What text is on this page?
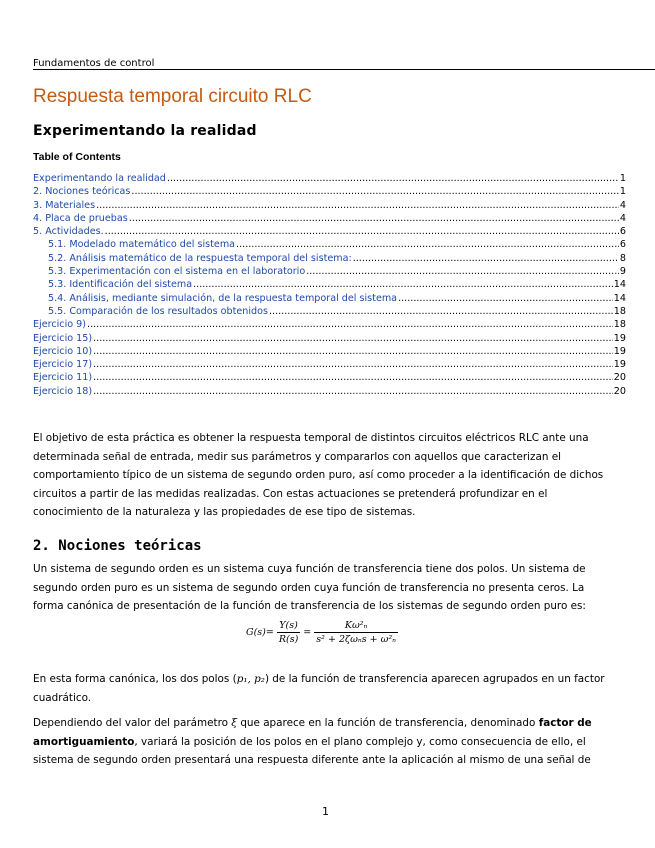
Fundamentos de control
Respuesta temporal circuito RLC
Experimentando la realidad
Table of Contents
Experimentando la realidad .....	1
2. Nociones teóricas .....	1
3. Materiales .....	4
4. Placa de pruebas .....	4
5. Actividades. .....	6
5.1. Modelado matemático del sistema .....	6
5.2. Análisis matemático de la respuesta temporal del sistema: .....	8
5.3. Experimentación con el sistema en el laboratorio .....	9
5.3. Identificación del sistema .....	14
5.4. Análisis, mediante simulación, de la respuesta temporal del sistema .....	14
5.5. Comparación de los resultados obtenidos .....	18
Ejercicio 9) .....	18
Ejercicio 15) .....	19
Ejercicio 10) .....	19
Ejercicio 17) .....	19
Ejercicio 11) .....	20
Ejercicio 18) .....	20
El objetivo de esta práctica es obtener la respuesta temporal de distintos circuitos eléctricos RLC ante una determinada señal de entrada, medir sus parámetros y compararlos con aquellos que caracterizan el comportamiento típico de un sistema de segundo orden puro, así como proceder a la identificación de dichos circuitos a partir de las medidas realizadas. Con estas actuaciones se pretenderá profundizar en el conocimiento de la naturaleza y las propiedades de ese tipo de sistemas.
2. Nociones teóricas
Un sistema de segundo orden es un sistema cuya función de transferencia tiene dos polos. Un sistema de segundo orden puro es un sistema de segundo orden cuya función de transferencia no presenta ceros. La forma canónica de presentación de la función de transferencia de los sistemas de segundo orden puro es:
$G(s)= \frac{Y(s)}{R(s)} = \frac{\text{Kω²ₙ}}{\text{s² + 2ζωₙs + ω²ₙ}}$
En esta forma canónica, los dos polos (p₁, p₂) de la función de transferencia aparecen agrupados en un factor cuadrático.
Dependiendo del valor del parámetro ξ que aparece en la función de transferencia, denominado factor de amortiguamiento, variará la posición de los polos en el plano complejo y, como consecuencia de ello, el sistema de segundo orden presentará una respuesta diferente ante la aplicación al mismo de una señal de
1
